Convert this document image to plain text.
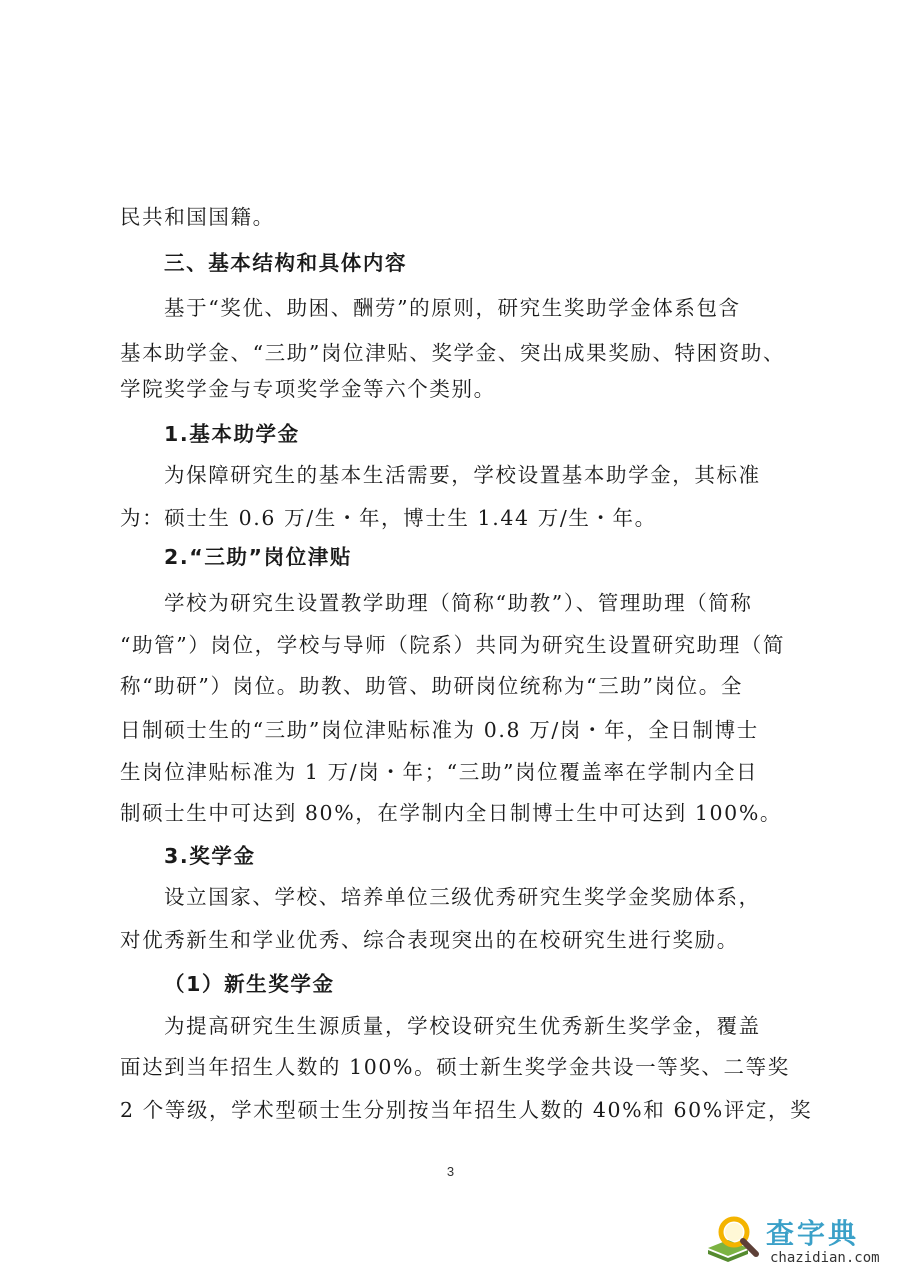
民共和国国籍。
三、基本结构和具体内容
基于“奖优、助困、酬劳”的原则，研究生奖助学金体系包含
基本助学金、“三助”岗位津贴、奖学金、突出成果奖励、特困资助、
学院奖学金与专项奖学金等六个类别。
1.基本助学金
为保障研究生的基本生活需要，学校设置基本助学金，其标准
为：硕士生 0.6 万/生・年，博士生 1.44 万/生・年。
2.“三助”岗位津贴
学校为研究生设置教学助理（简称“助教”）、管理助理（简称
“助管”）岗位，学校与导师（院系）共同为研究生设置研究助理（简
称“助研”）岗位。助教、助管、助研岗位统称为“三助”岗位。全
日制硕士生的“三助”岗位津贴标准为 0.8 万/岗・年，全日制博士
生岗位津贴标准为 1 万/岗・年；“三助”岗位覆盖率在学制内全日
制硕士生中可达到 80%，在学制内全日制博士生中可达到 100%。
3.奖学金
设立国家、学校、培养单位三级优秀研究生奖学金奖励体系，
对优秀新生和学业优秀、综合表现突出的在校研究生进行奖励。
（1）新生奖学金
为提高研究生生源质量，学校设研究生优秀新生奖学金，覆盖
面达到当年招生人数的 100%。硕士新生奖学金共设一等奖、二等奖
2 个等级，学术型硕士生分别按当年招生人数的 40%和 60%评定，奖
3
查字典
chazidian.com
